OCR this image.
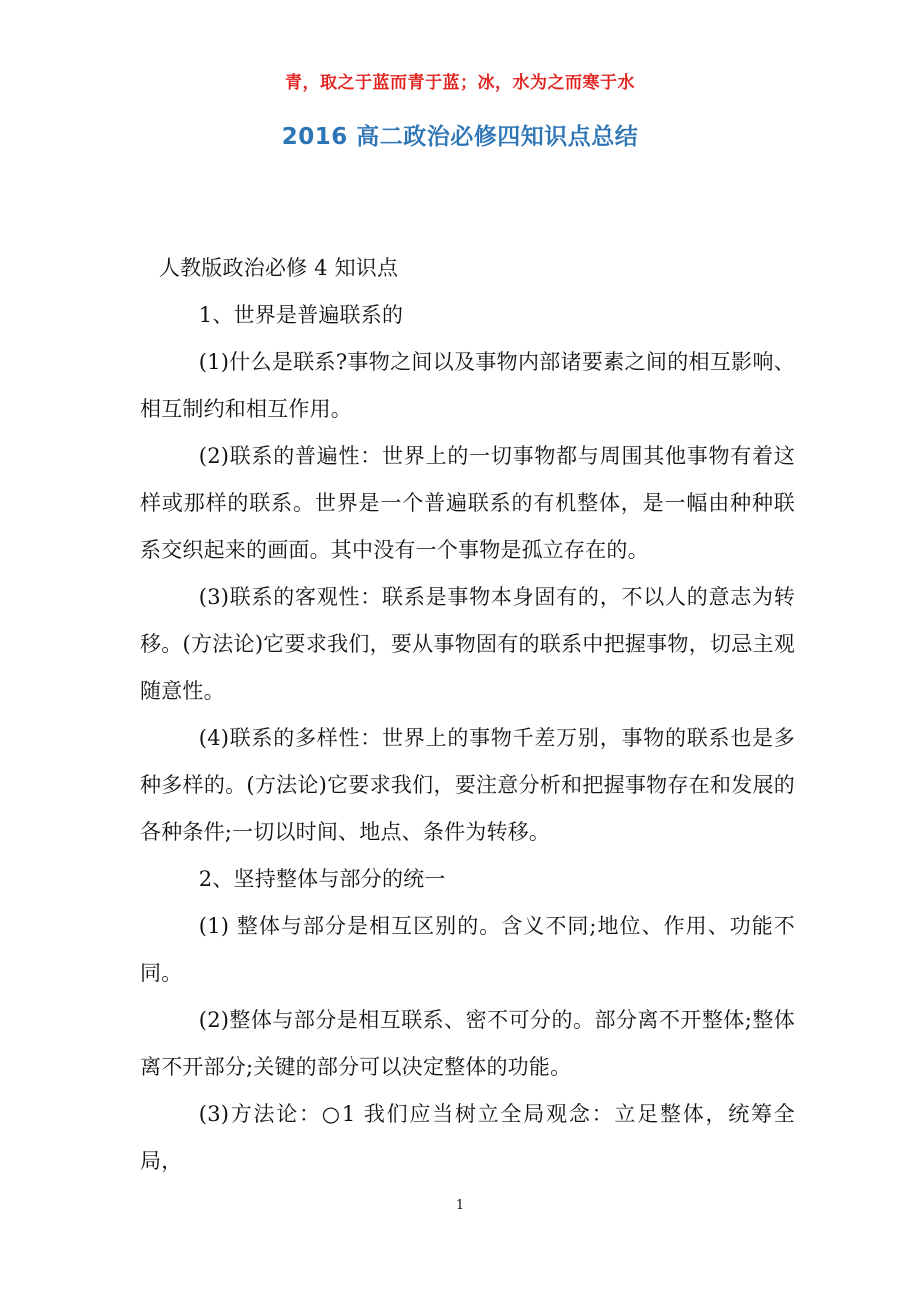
青，取之于蓝而青于蓝；冰，水为之而寒于水
2016 高二政治必修四知识点总结

人教版政治必修 4 知识点

1、世界是普遍联系的

(1)什么是联系?事物之间以及事物内部诸要素之间的相互影响、相互制约和相互作用。

(2)联系的普遍性：世界上的一切事物都与周围其他事物有着这样或那样的联系。世界是一个普遍联系的有机整体，是一幅由种种联系交织起来的画面。其中没有一个事物是孤立存在的。

(3)联系的客观性：联系是事物本身固有的，不以人的意志为转移。(方法论)它要求我们，要从事物固有的联系中把握事物，切忌主观随意性。

(4)联系的多样性：世界上的事物千差万别，事物的联系也是多种多样的。(方法论)它要求我们，要注意分析和把握事物存在和发展的各种条件;一切以时间、地点、条件为转移。

2、坚持整体与部分的统一

(1) 整体与部分是相互区别的。含义不同;地位、作用、功能不同。

(2)整体与部分是相互联系、密不可分的。部分离不开整体;整体离不开部分;关键的部分可以决定整体的功能。

(3)方法论：○1 我们应当树立全局观念：立足整体，统筹全局，

1
